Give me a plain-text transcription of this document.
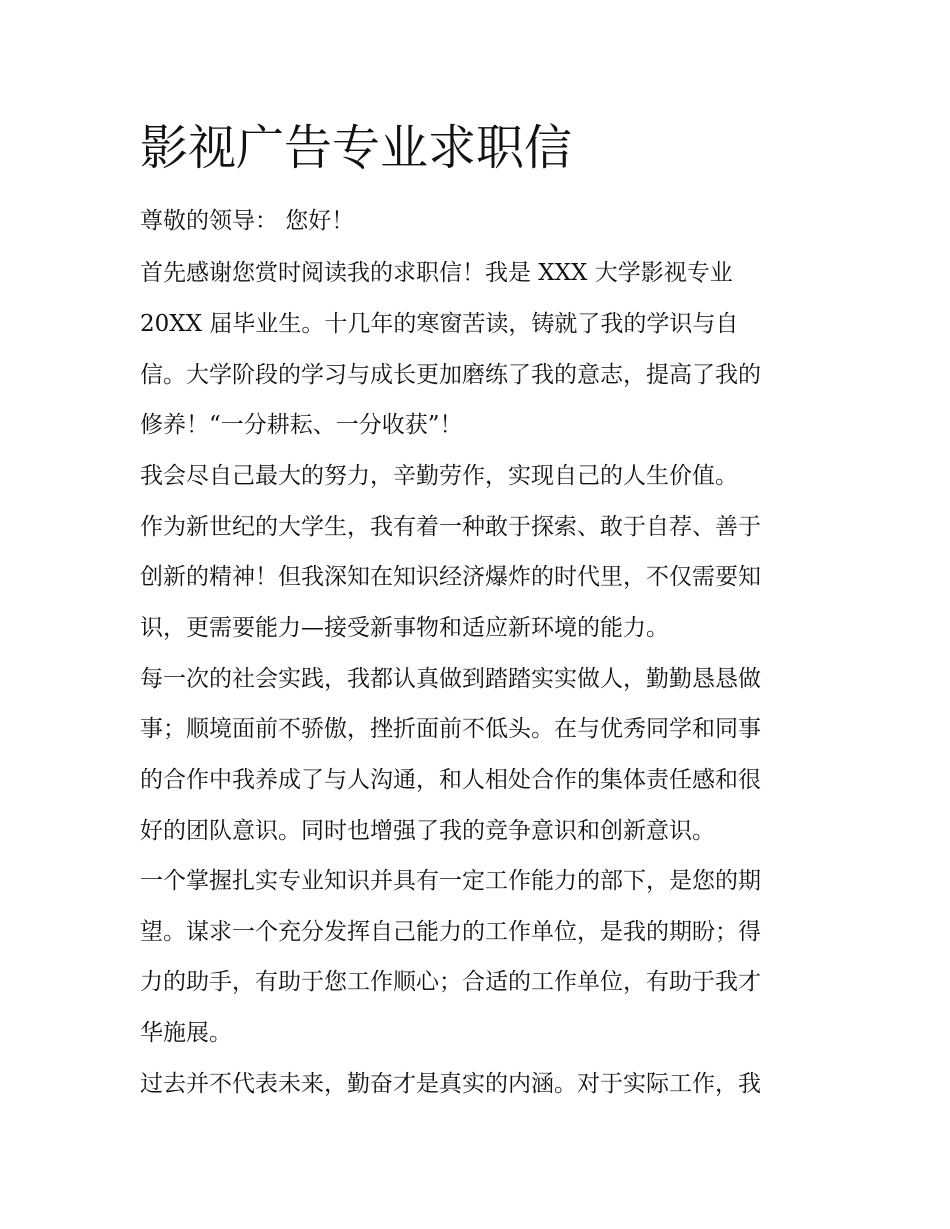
影视广告专业求职信

尊敬的领导： 您好！

首先感谢您赏时阅读我的求职信！我是 XXX 大学影视专业

20XX 届毕业生。十几年的寒窗苦读，铸就了我的学识与自

信。大学阶段的学习与成长更加磨练了我的意志，提高了我的

修养！“一分耕耘、一分收获”！

我会尽自己最大的努力，辛勤劳作，实现自己的人生价值。

作为新世纪的大学生，我有着一种敢于探索、敢于自荐、善于

创新的精神！但我深知在知识经济爆炸的时代里，不仅需要知

识，更需要能力—接受新事物和适应新环境的能力。

每一次的社会实践，我都认真做到踏踏实实做人，勤勤恳恳做

事；顺境面前不骄傲，挫折面前不低头。在与优秀同学和同事

的合作中我养成了与人沟通，和人相处合作的集体责任感和很

好的团队意识。同时也增强了我的竞争意识和创新意识。

一个掌握扎实专业知识并具有一定工作能力的部下，是您的期

望。谋求一个充分发挥自己能力的工作单位，是我的期盼；得

力的助手，有助于您工作顺心；合适的工作单位，有助于我才

华施展。

过去并不代表未来，勤奋才是真实的内涵。对于实际工作，我
